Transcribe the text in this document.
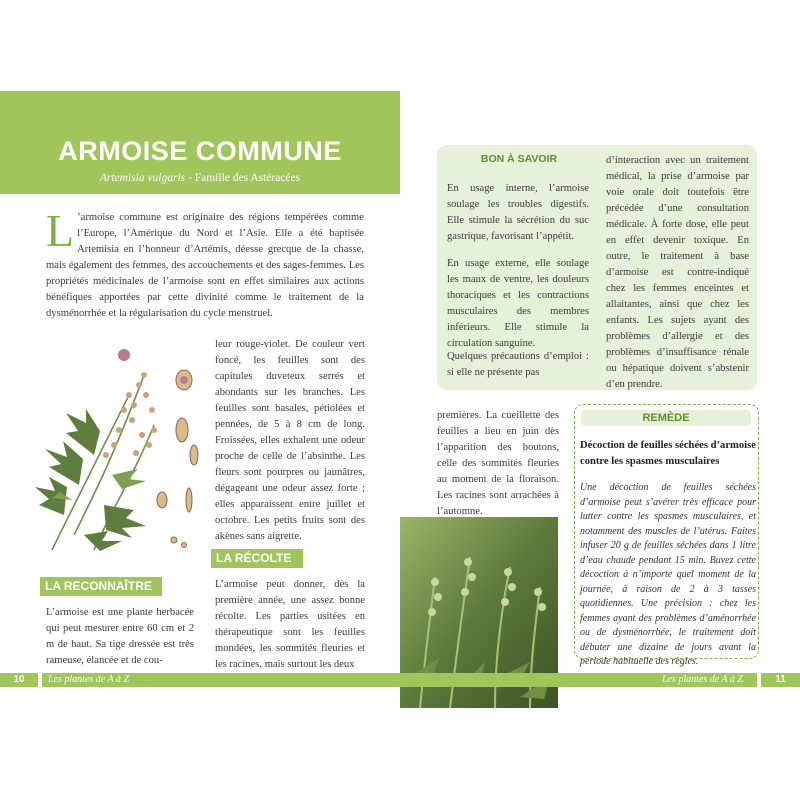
ARMOISE COMMUNE
Artemisia vulgaris - Famille des Astéracées
L ’armoise commune est originaire des régions tempérées comme l’Europe, l’Amérique du Nord et l’Asie. Elle a été baptisée Artemisia en l’honneur d’Artémis, déesse grecque de la chasse, mais également des femmes, des accouchements et des sages-femmes. Les propriétés médicinales de l’armoise sont en effet similaires aux actions bénéfiques apportées par cette divinité comme le traitement de la dysménorrhée et la régularisation du cycle menstruel.
leur rouge-violet. De couleur vert foncé, les feuilles sont des capitules duveteux serrés et abondants sur les branches. Les feuilles sont basales, pétiolées et pennées, de 5 à 8 cm de long. Froissées, elles exhalent une odeur proche de celle de l’absinthe. Les fleurs sont pourpres ou jaunâtres, dégageant une odeur assez forte ; elles apparaissent entre juillet et octobre. Les petits fruits sont des akènes sans aigrette.
LA RECONNAÎTRE
L’armoise est une plante herbacée qui peut mesurer entre 60 cm et 2 m de haut. Sa tige dressée est très rameuse, élancée et de cou-
LA RÉCOLTE
L’armoise peut donner, dès la première année, une assez bonne récolte. Les parties usitées en thérapeutique sont les feuilles mondées, les sommités fleuries et les racines, mais surtout les deux
10	Les plantes de A à Z
BON À SAVOIR
En usage interne, l’armoise soulage les troubles digestifs. Elle stimule la sécrétion du suc gastrique, favorisant l’appétit.
En usage externe, elle soulage les maux de ventre, les douleurs thoraciques et les contractions musculaires des membres inférieurs. Elle stimule la circulation sanguine.
Quelques précautions d’emploi : si elle ne présente pas
d’interaction avec un traitement médical, la prise d’armoise par voie orale doit toutefois être précédée d’une consultation médicale. À forte dose, elle peut en effet devenir toxique. En outre, le traitement à base d’armoise est contre-indiqué chez les femmes enceintes et allaitantes, ainsi que chez les enfants. Les sujets ayant des problèmes d’allergie et des problèmes d’insuffisance rénale ou hépatique doivent s’abstenir d’en prendre.
premières. La cueillette des feuilles a lieu en juin dès l’apparition des boutons, celle des sommités fleuries au moment de la floraison. Les racines sont arrachées à l’automne.
REMÈDE
Décoction de feuilles séchées d’armoise contre les spasmes musculaires
Une décoction de feuilles séchées d’armoise peut s’avérer très efficace pour lutter contre les spasmes musculaires, et notamment des muscles de l’utérus. Faites infuser 20 g de feuilles séchées dans 1 litre d’eau chaude pendant 15 min. Buvez cette décoction à n’importe quel moment de la journée, à raison de 2 à 3 tasses quotidiennes. Une précision : chez les femmes ayant des problèmes d’aménorrhée ou de dysménorrhée, le traitement doit débuter une dizaine de jours avant la période habituelle des règles.
Les plantes de A à Z	11
